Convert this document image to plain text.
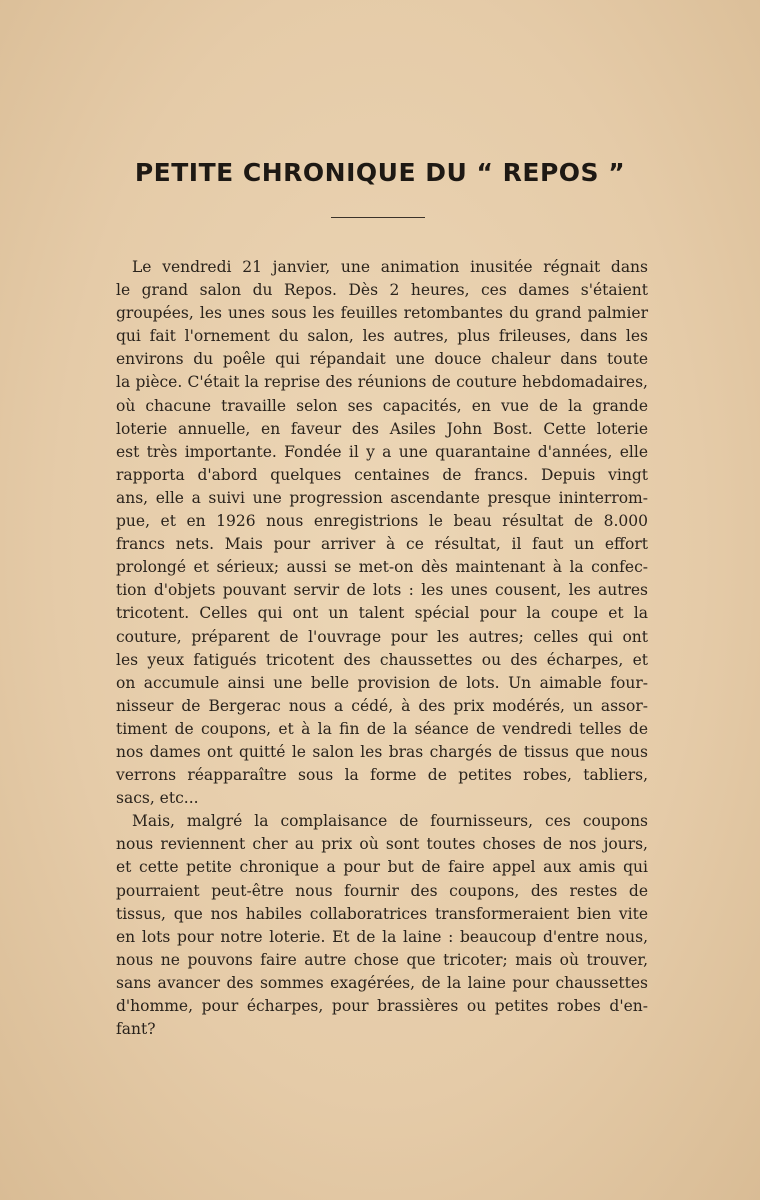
PETITE CHRONIQUE DU “ REPOS ”
Le vendredi 21 janvier, une animation inusitée régnait dans
le grand salon du Repos. Dès 2 heures, ces dames s'étaient
groupées, les unes sous les feuilles retombantes du grand palmier
qui fait l'ornement du salon, les autres, plus frileuses, dans les
environs du poêle qui répandait une douce chaleur dans toute
la pièce. C'était la reprise des réunions de couture hebdomadaires,
où chacune travaille selon ses capacités, en vue de la grande
loterie annuelle, en faveur des Asiles John Bost. Cette loterie
est très importante. Fondée il y a une quarantaine d'années, elle
rapporta d'abord quelques centaines de francs. Depuis vingt
ans, elle a suivi une progression ascendante presque ininterrom-
pue, et en 1926 nous enregistrions le beau résultat de 8.000
francs nets. Mais pour arriver à ce résultat, il faut un effort
prolongé et sérieux; aussi se met-on dès maintenant à la confec-
tion d'objets pouvant servir de lots : les unes cousent, les autres
tricotent. Celles qui ont un talent spécial pour la coupe et la
couture, préparent de l'ouvrage pour les autres; celles qui ont
les yeux fatigués tricotent des chaussettes ou des écharpes, et
on accumule ainsi une belle provision de lots. Un aimable four-
nisseur de Bergerac nous a cédé, à des prix modérés, un assor-
timent de coupons, et à la fin de la séance de vendredi telles de
nos dames ont quitté le salon les bras chargés de tissus que nous
verrons réapparaître sous la forme de petites robes, tabliers,
sacs, etc...
Mais, malgré la complaisance de fournisseurs, ces coupons
nous reviennent cher au prix où sont toutes choses de nos jours,
et cette petite chronique a pour but de faire appel aux amis qui
pourraient peut-être nous fournir des coupons, des restes de
tissus, que nos habiles collaboratrices transformeraient bien vite
en lots pour notre loterie. Et de la laine : beaucoup d'entre nous,
nous ne pouvons faire autre chose que tricoter; mais où trouver,
sans avancer des sommes exagérées, de la laine pour chaussettes
d'homme, pour écharpes, pour brassières ou petites robes d'en-
fant?
